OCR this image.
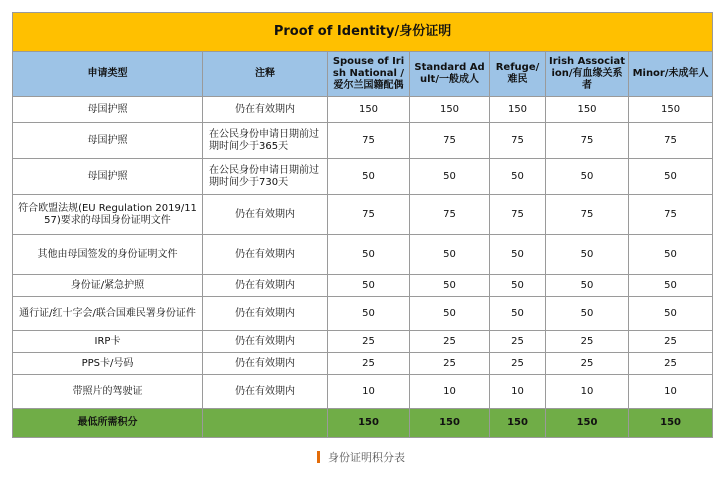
Proof of Identity/身份证明						
申请类型	注释	Spouse of Irish National /爱尔兰国籍配偶	Standard Adult/一般成人	Refuge/难民	Irish Association/有血缘关系者	Minor/未成年人
母国护照	仍在有效期内	150	150	150	150	150
母国护照	在公民身份申请日期前过期时间少于365天	75	75	75	75	75
母国护照	在公民身份申请日期前过期时间少于730天	50	50	50	50	50
符合欧盟法规(EU Regulation 2019/1157)要求的母国身份证明文件	仍在有效期内	75	75	75	75	75
其他由母国签发的身份证明文件	仍在有效期内	50	50	50	50	50
身份证/紧急护照	仍在有效期内	50	50	50	50	50
通行证/红十字会/联合国难民署身份证件	仍在有效期内	50	50	50	50	50
IRP卡	仍在有效期内	25	25	25	25	25
PPS卡/号码	仍在有效期内	25	25	25	25	25
带照片的驾驶证	仍在有效期内	10	10	10	10	10
最低所需积分		150	150	150	150	150
身份证明积分表
